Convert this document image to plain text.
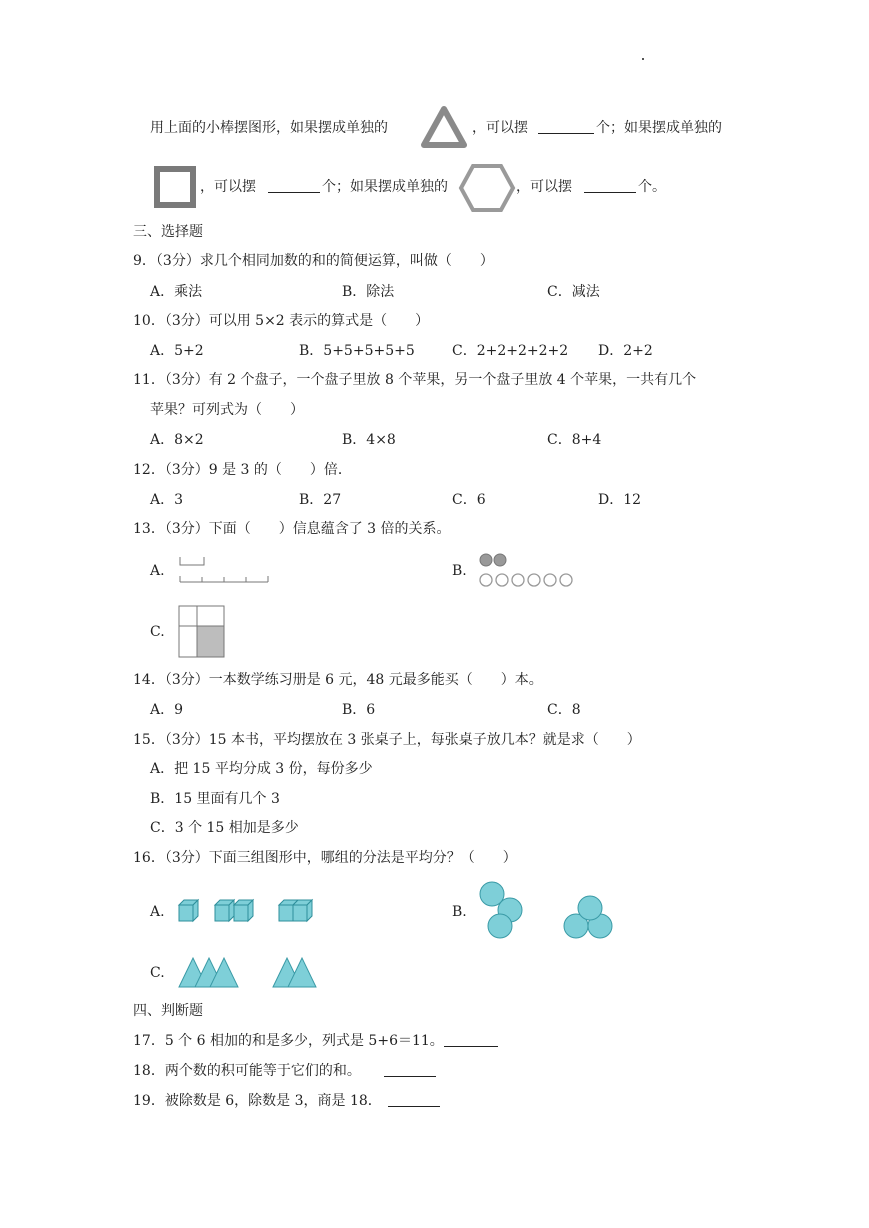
用上面的小棒摆图形，如果摆成单独的	，可以摆	个；如果摆成单独的
，可以摆	个；如果摆成单独的	，可以摆	个。
三、选择题
9．（3分）求几个相同加数的和的简便运算，叫做（　　）
A．乘法	B．除法	C．减法
10．（3分）可以用 5×2 表示的算式是（　　）
A．5+2	B．5+5+5+5+5	C．2+2+2+2+2 D．2+2
11．（3分）有 2 个盘子，一个盘子里放 8 个苹果，另一个盘子里放 4 个苹果，一共有几个
苹果？可列式为（　　）
A．8×2	B．4×8	C．8+4
12．（3分）9 是 3 的（　　）倍．
A．3	B．27	C．6	D．12
13．（3分）下面（　　）信息蕴含了 3 倍的关系。
A.	B.
C.
14．（3分）一本数学练习册是 6 元，48 元最多能买（　　）本。
A．9	B．6	C．8
15．（3分）15 本书，平均摆放在 3 张桌子上，每张桌子放几本？就是求（　　）
A．把 15 平均分成 3 份，每份多少
B．15 里面有几个 3
C．3 个 15 相加是多少
16．（3分）下面三组图形中，哪组的分法是平均分？（　　）
A.	B.
C.
四、判断题
17．5 个 6 相加的和是多少，列式是 5+6＝11。
18．两个数的积可能等于它们的和。
19．被除数是 6，除数是 3，商是 18．
